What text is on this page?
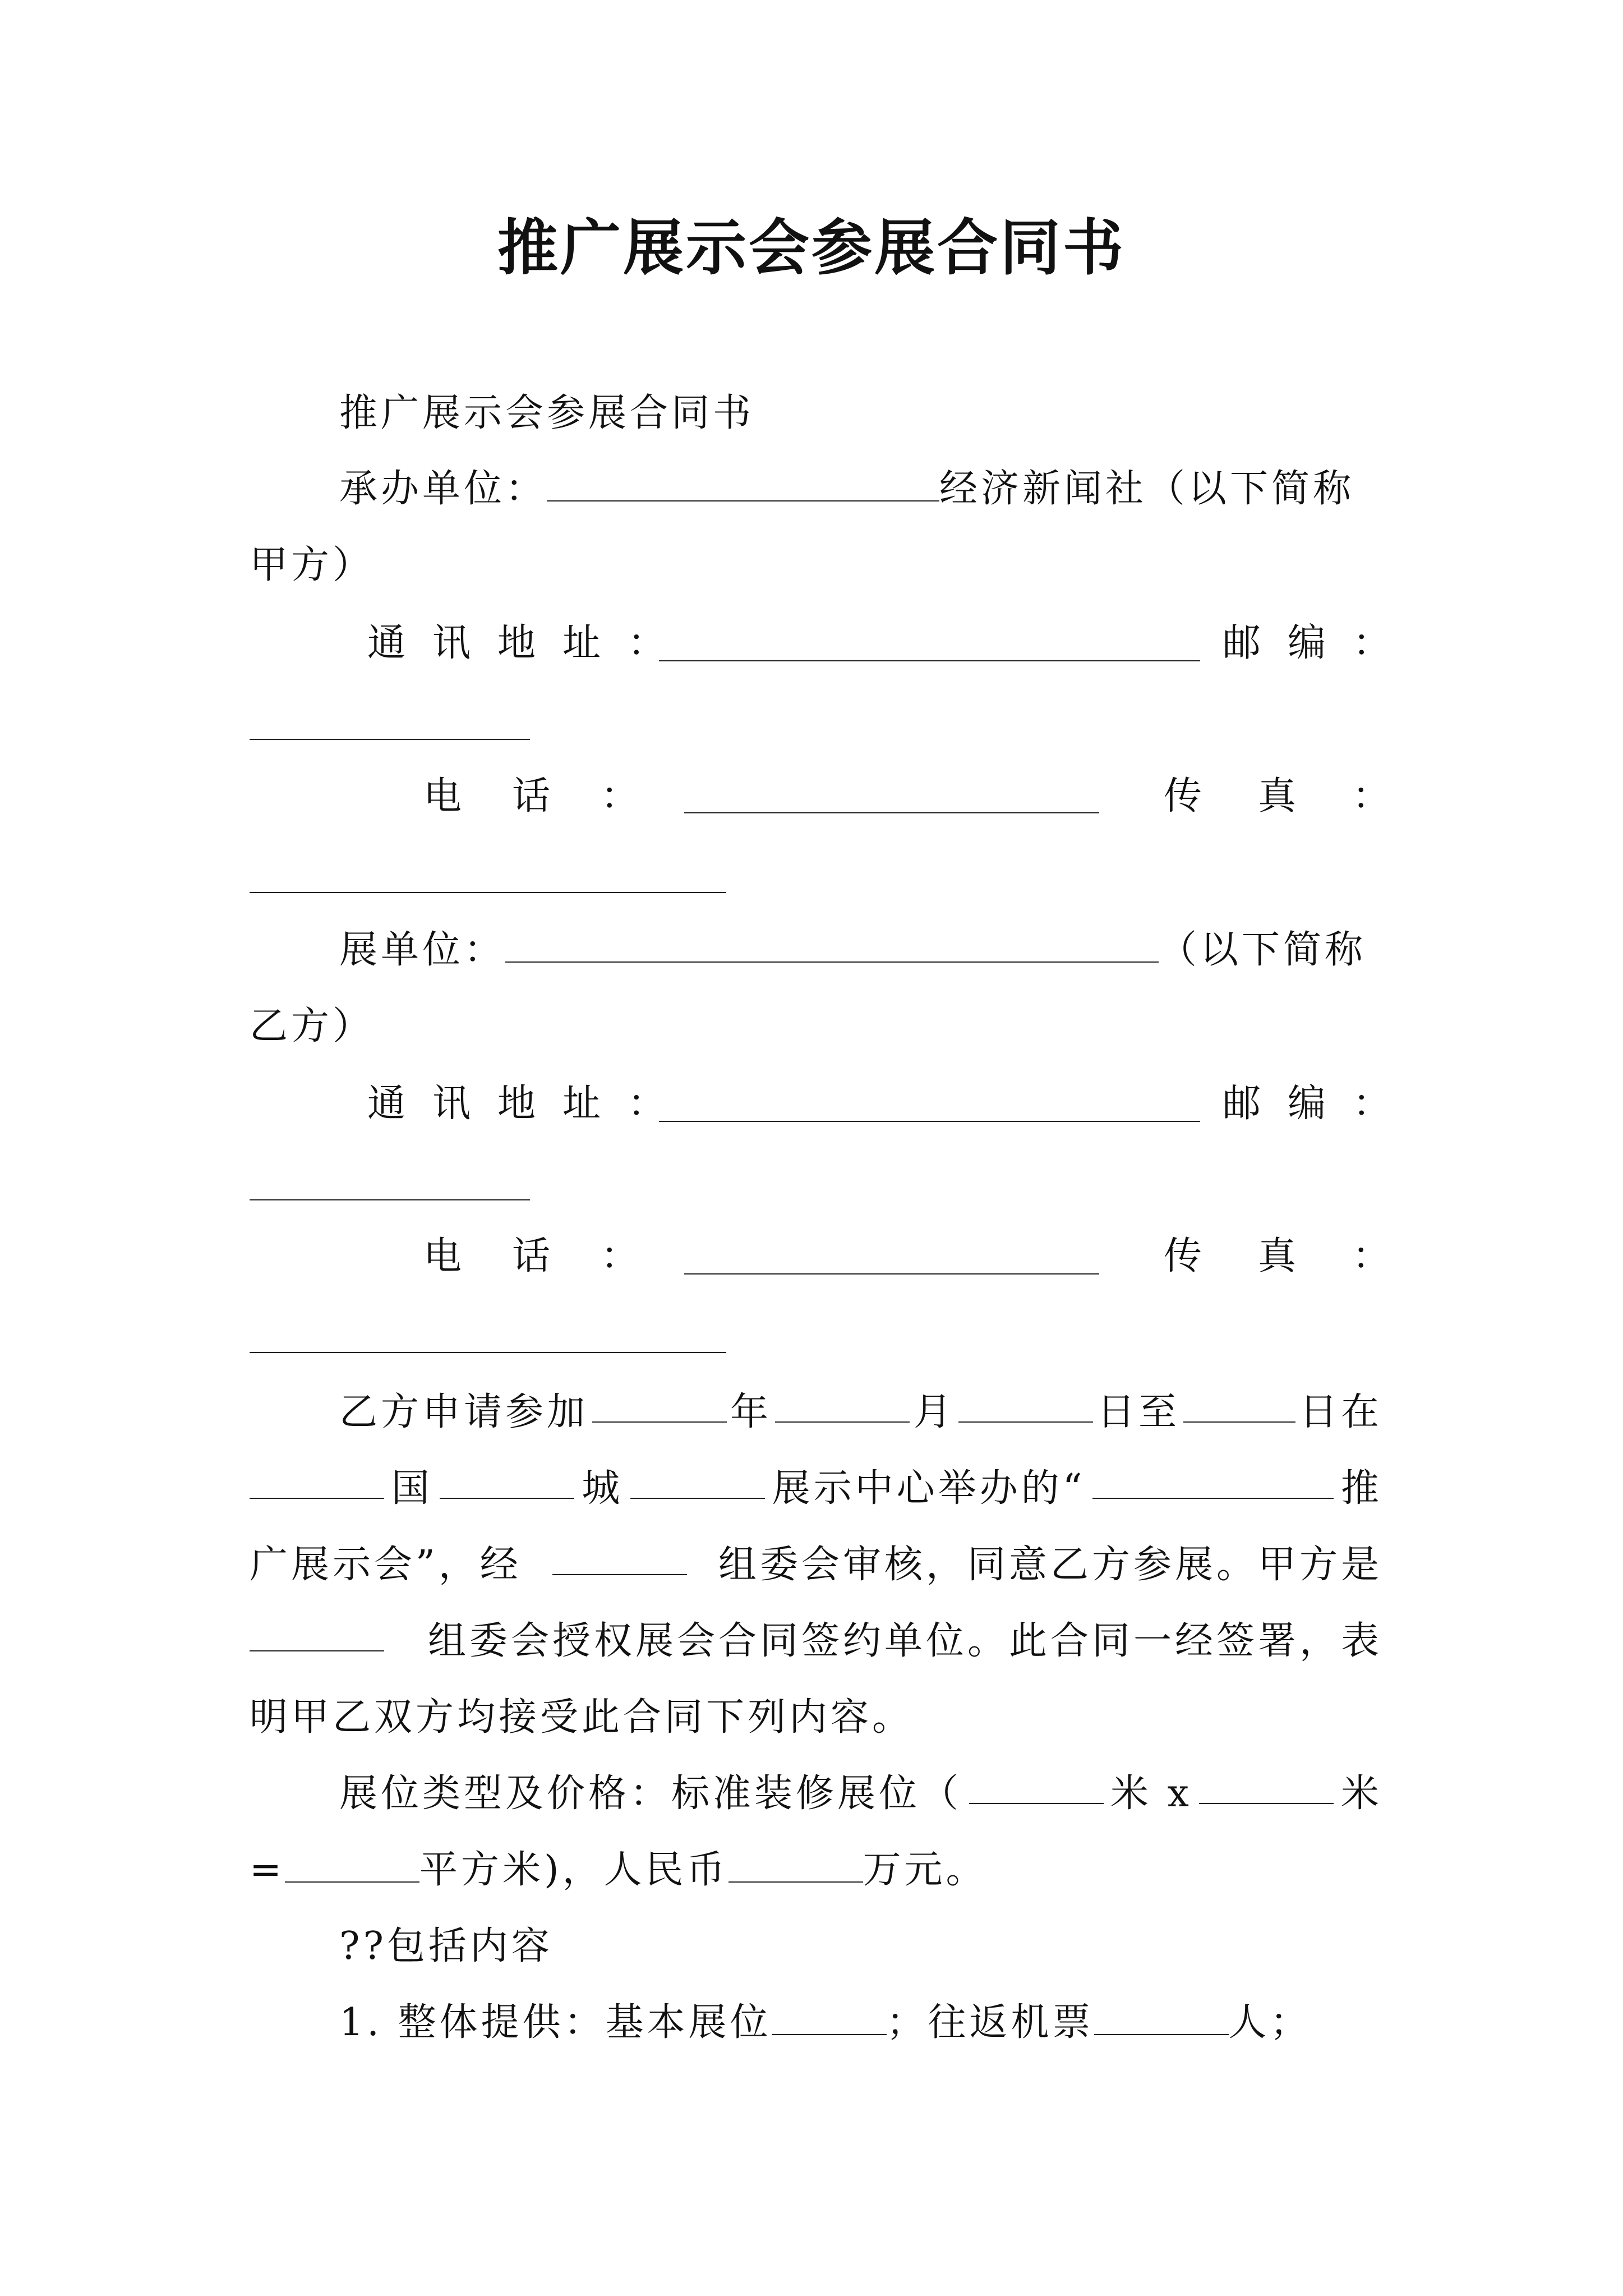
推广展示会参展合同书
推广展示会参展合同书
承办单位：	经济新闻社（以下简称
甲方）
通讯地址：	邮编：
电话：	传真：
展单位：	（以下简称
乙方）
通讯地址：	邮编：
电话：	传真：
乙方申请参加	年	月	日至	日在
国	城	展示中心举办的“	推
广展示会”，经	组委会审核，同意乙方参展。甲方是
组委会授权展会合同签约单位。此合同一经签署，表
明甲乙双方均接受此合同下列内容。
展位类型及价格：标准装修展位（	米 x	米
=	平方米)，人民币	万元。
??包括内容
1. 整体提供：基本展位	；往返机票	人；
